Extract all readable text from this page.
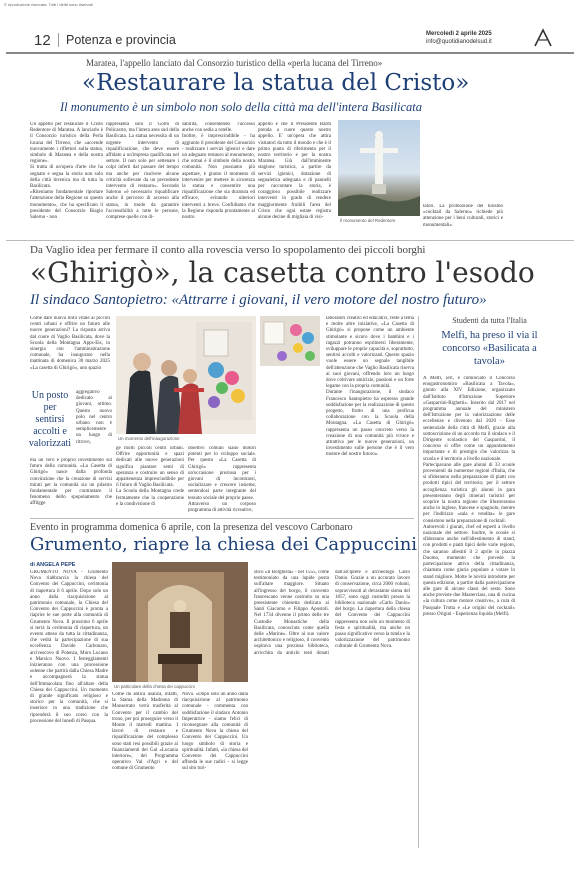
© riproduzione riservata. Tutti i diritti sono riservati
12 Potenza e provincia	Mercoledì 2 aprile 2025
info@quotidianodelsud.it
Maratea, l'appello lanciato dal Consorzio turistico della «perla lucana del Tirreno»
«Restaurare la statua del Cristo»
Il monumento è un simbolo non solo della città ma dell'intera Basilicata
Un appello per restaurare il Cristo Redentore di Maratea. A lanciarlo è il Consorzio turistico della Perla lucana del Tirreno, che «accende nuovamente i riflettori sulla statua, simbolo di Maratea e della nostra regione».
Si tratta di un'opera d'arte che ha segnato e segna la storia non solo della città tirrenica ma di tutta la Basilicata.
«Riteniamo fondamentale riportare l'attenzione della Regione su questo monumento», che ha specificato il presidente del Consorzio Biagio Salerno - non
rappresenta solo il Golfo di Policastro, ma l'intera area sud della Basilicata. La statua necessita di un urgente intervento di riqualificazione, che deve essere affidato a un'impresa qualificata nel settore. Il non solo per settenare i colpi inferti dal passare del tempo ma anche per risolvere alcune criticità sollevate da un precedente intervento di restauro». Secondo Salerno «è necessario riqualificare anche il percorso di accesso alla statua, in modo da garantire l'accessibilità a tutte le persone, comprese quelle con di-
sabilità, consentendo l'accesso anche con sedia a rotelle.
Inoltre, è imprescindibile - ha aggiunto il presidente del Consorzio - realizzare i servizi igienici e dare un adeguato restauro al monumento, che ormai è il simbolo della nostra comunità. Non possiamo più aspettare, è giunto il momento di intervenire per mettere in sicurezza la statua e consentire una riqualificazione che sia duratura ed efficace, evitando ulteriori interventi a breve. Confidiamo che la Regione risponda prontamente al nostro
appello e che il Presidente Bardi prenda a cuore questo nostro appello. E' un'opera che attira visitatori da tutto il mondo e che è il primo punto di riferimento per il nostro territorio e per la nostra Maratea. Già dall'imminente stagione turistica, a partire da servizi igienici, dotazione di segnaletica adeguata e di pannelli per raccontare la storia, è coraggioso possibile realizzare interventi in grado di rendere maggiormente fruibili l'area del Cristo che ogni estate registra alcune decine di migliaia di visi-
Il monumento del Redentore
tatori. La promozione del turismo «cocktail da Salerno» richiede più attenzione per i beni culturali, storici e monumentali».
Da Vaglio idea per fermare il conto alla rovescia verso lo spopolamento dei piccoli borghi
«Ghirigò», la casetta contro l'esodo
Il sindaco Santopietro: «Attrarre i giovani, il vero motore del nostro futuro»
Come dare nuova linfa vitale ai piccoli centri urbani e offrire un futuro alle nuove generazioni? La risposta arriva dal cuore di Vaglio Basilicata, dove la Scuola della Montagna Apps-Eis, in sinergia con l'amministrazione comunale, ha inaugurato nella mattinata di domenica 30 marzo 2025 «La casetta di Ghirigò», uno spazio
Un posto per sentirsi accolti e valorizzati
aggregativo dedicato ai giovani, ottimo. Questo nuovo polo nel centro urbano non è semplicemente un luogo di ritrovo,
ma un vero e proprio investimento sul futuro della comunità. «La Casetta di Ghirigò» nasce dalla profonda convinzione che la creazione di servizi mirati per la comunità sia un pilastro fondamentale per contrastare il fenomeno dello spopolamento che affligge
Un momento dell'inaugurazione
ge molti piccoli centri urbani. Offrire opportunità e spazi dedicati alle nuove generazioni significa piantare semi di speranza e costruire un senso di appartenenza imprescindibile per il futuro di Vaglio Basilicata.
La Scuola della Montagna crede fermamente che la cooperazione e la condivisione di
obiettivi comuni siano motori potenti per lo sviluppo sociale. Per questo «La Casetta di Ghirigò» rappresenta un'occasione preziosa per i giovani di incontrarsi, socializzare e crescere insieme, sentendosi parte integrante del tessuto sociale del proprio paese.
Attraverso un corposo programma di attività ricreative,
laboratori creativi ed educativi, feste a tema e molte altre iniziative, «La Casetta di Ghirigò» si propone come un ambiente stimolante e sicuro dove i bambini e i ragazzi potranno esprimersi liberamente, sviluppare le proprie capacità e, soprattutto, sentirsi accolti e valorizzati. Questo spazio vuole essere un segnale tangibile dell'attenzione che Vaglio Basilicata riserva ai suoi giovani, offrendo loro un luogo dove coltivare amicizie, passioni e un forte legame con la propria comunità.
Durante l'inaugurazione, il sindaco Francesco Santopietro ha espresso grande soddisfazione per la realizzazione di questo progetto, frutto di una proficua collaborazione con la Scuola della Montagna. «La Casetta di Ghirigò» rappresenta un passo concreto verso la creazione di una comunità più vivace e attrattiva per le nuove generazioni, un investimento sulle persone che è il vero motore del nostro futuro».
Studenti da tutta l'Italia
Melfi, ha preso il via il concorso «Basilicata a tavola»
A Melfi, ieri, è cominciato il Concorso enogastronomico «Basilicata a Tavola», giunto alla XIV Edizione, organizzato dall'Istituto d'Istruzione Superiore «Gasparrini-Righetti». Inserito dal 2017 nel programma annuale del ministero dell'Istruzione per la valorizzazione delle eccellenze e divenuto dal 2020 - Esse sentenziale della città di Melfi, grazie alla sottoscrizione di un accordo tra il sindaco e il Dirigente scolastico del Gasparrini, il concorso si offre come un appuntamento importante e di prestigio che valorizza la scuola e il territorio a livello nazionale.
Partecipavano alle gare alunni di 33 scuole provenienti da numerose regioni d'Italia, che si sfideranno nella preparazione di piatti con prodotti tipici del territorio; per il settore accoglienza turistica gli alunni in gara presenteranno degli itinerari turistici per scoprire la nostra regione che illustreranno anche in inglese, francese e spagnolo, mentre per l'indirizzo «sala e vendita» le gare consistono nella preparazione di cocktail.
Autorevoli i giurati, chef ed esperti a livello nazionale del settore. Inoltre, le scuole si sfideranno anche nell'allestimento di stand, con prodotti e piatti tipici delle varie regioni, che saranno allestiti il 2 aprile in piazza Duomo, momento che prevede la partecipazione attiva della cittadinanza, chiamata come giuria popolare a votare lo stand migliore. Molte le novità introdotte per questa edizione, a partire dalla partecipazione alle gare di alcune classi del sesto. Sono anche previste due Masterclass, una di cucina «la cultura come motore creativo», a cura di Pasquale Trotta e «Le origini del cocktail» presso Origini - Esperienza liquida (Melfi).
Evento in programma domenica 6 aprile, con la presenza del vescovo Carbonaro
Grumento, riapre la chiesa dei Cappuccini
di ANGELA PEPE
GRUMENTO NOVA - Grumento Nova riabbraccia la chiesa del Convento dei Cappuccini, cerimonia di riapertura il 6 aprile. Dopo solo un anno dalla riacquisizione al patrimonio comunale, la Chiesa del Convento dei Cappuccini è pronta a riaprire le sue porte alla comunità di Grumento Nova. Il prossimo 6 aprile si terrà la cerimonia di riapertura, un evento atteso da tutta la cittadinanza, che vedrà la partecipazione di sua eccellenza Davide Carbonaro, arcivescovo di Potenza, Muro Lucano e Marsico Nuovo. I festeggiamenti inizieranno con una processione solenne che partirà dalla Chiesa Madre e accompagnerà la statua dell'Immacolata fino all'altare della Chiesa dei Cappuccini. Un momento di grande significato religioso e storico per la comunità, che si inserisce in una tradizione che riprenderà il suo corso con la processione del lunedì di Pasqua.
Un particolare della chiesa dei cappuccini
Come da antica usanza, infatti, la Statua della Madonna di Monserrato verrà trasferita al Convento per il cambio del trono, per poi proseguire verso il Monte il martedì mattina. I lavori di restauro e riqualificazione del complesso sono stati resi possibili grazie ai finanziamenti del Gal «Lucania interiore», del Programma operativo Val d'Agri e del comune di Grumento
Nova. «Dopo solo un anno dalla riacquisizione al patrimonio comunale - commenta con soddisfazione il sindaco Antonio Imperatrice - siamo felici di riconsegnare alla comunità di Grumento Nova la chiesa del Convento dei Cappuccini. Un luogo simbolo di storia e spiritualità. Infatti, «la chiesa del Convento dei Cappuccini affonda le sue radici - si legge sul sito turi-
stico «Il Borghista» - nel 1555, come testimoniato da una lapide posta sull'altare maggiore. Situato all'ingresso del borgo, il convento francescano venne costruito su una preesistente chiesetta dedicata ai Santi Giacomo e Filippo Apostoli. Nel 1734 divenne il primo delle tre Custodie Monastiche della Basilicata, conosciuta come quella delle «Marine». Oltre al suo valore architettonico e religioso, il convento ospitava una preziosa biblioteca, arricchita da antichi testi donati dall'arciprete e archeologo Carlo Danio. Grazie a un accurato lavoro di conservazione, circa 2000 volumi, sopravvissuti al devastante sisma del 1857, sono oggi custoditi presso la biblioteca nazionale «Carlo Danio» del borgo. La riapertura della chiesa del Convento dei Cappuccini rappresenta non solo un momento di festa e spiritualità, ma anche un passo significativo verso la tutela e la valorizzazione del patrimonio culturale di Grumento Nova.
